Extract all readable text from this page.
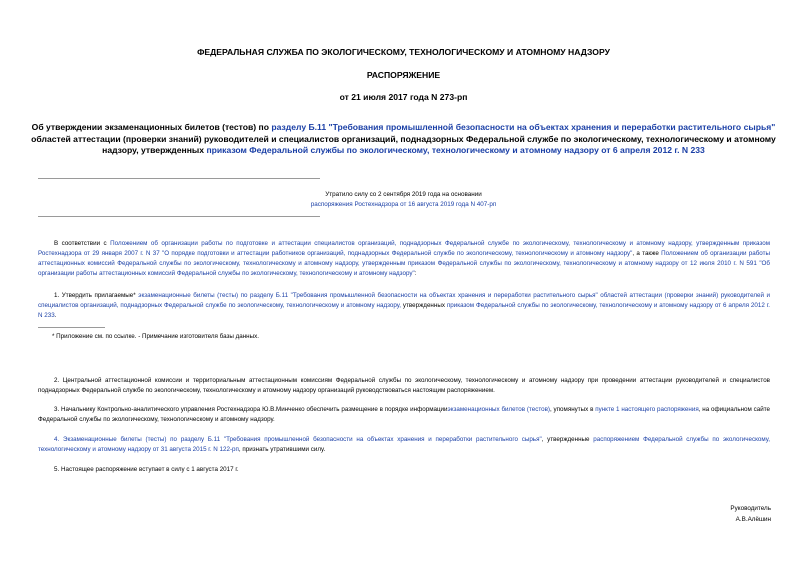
ФЕДЕРАЛЬНАЯ СЛУЖБА ПО ЭКОЛОГИЧЕСКОМУ, ТЕХНОЛОГИЧЕСКОМУ И АТОМНОМУ НАДЗОРУ
РАСПОРЯЖЕНИЕ
от 21 июля 2017 года N 273-рп
Об утверждении экзаменационных билетов (тестов) по разделу Б.11 "Требования промышленной безопасности на объектах хранения и переработки растительного сырья" областей аттестации (проверки знаний) руководителей и специалистов организаций, поднадзорных Федеральной службе по экологическому, технологическому и атомному надзору, утвержденных приказом Федеральной службы по экологическому, технологическому и атомному надзору от 6 апреля 2012 г. N 233
Утратило силу со 2 сентября 2019 года на основании
распоряжения Ростехнадзора от 16 августа 2019 года N 407-рп
В соответствии с Положением об организации работы по подготовке и аттестации специалистов организаций, поднадзорных Федеральной службе по экологическому, технологическому и атомному надзору, утвержденным приказом Ростехнадзора от 29 января 2007 г. N 37 "О порядке подготовки и аттестации работников организаций, поднадзорных Федеральной службе по экологическому, технологическому и атомному надзору", а также Положением об организации работы аттестационных комиссий Федеральной службы по экологическому, технологическому и атомному надзору, утвержденным приказом Федеральной службы по экологическому, технологическому и атомному надзору от 12 июля 2010 г. N 591 "Об организации работы аттестационных комиссий Федеральной службы по экологическому, технологическому и атомному надзору":
1. Утвердить прилагаемые* экзаменационные билеты (тесты) по разделу Б.11 "Требования промышленной безопасности на объектах хранения и переработки растительного сырья" областей аттестации (проверки знаний) руководителей и специалистов организаций, поднадзорных Федеральной службе по экологическому, технологическому и атомному надзору, утвержденных приказом Федеральной службы по экологическому, технологическому и атомному надзору от 6 апреля 2012 г. N 233.
* Приложение см. по ссылке. - Примечание изготовителя базы данных.
2. Центральной аттестационной комиссии и территориальным аттестационным комиссиям Федеральной службы по экологическому, технологическому и атомному надзору при проведении аттестации руководителей и специалистов поднадзорных Федеральной службе по экологическому, технологическому и атомному надзору организаций руководствоваться настоящим распоряжением.
3. Начальнику Контрольно-аналитического управления Ростехнадзора Ю.В.Минченко обеспечить размещение в порядке информацииэкзаменационных билетов (тестов), упомянутых в пункте 1 настоящего распоряжения, на официальном сайте Федеральной службы по экологическому, технологическому и атомному надзору.
4. Экзаменационные билеты (тесты) по разделу Б.11 "Требования промышленной безопасности на объектах хранения и переработки растительного сырья", утвержденные распоряжением Федеральной службы по экологическому, технологическому и атомному надзору от 31 августа 2015 г. N 122-рп, признать утратившими силу.
5. Настоящее распоряжение вступает в силу с 1 августа 2017 г.
Руководитель
А.В.Алёшин
